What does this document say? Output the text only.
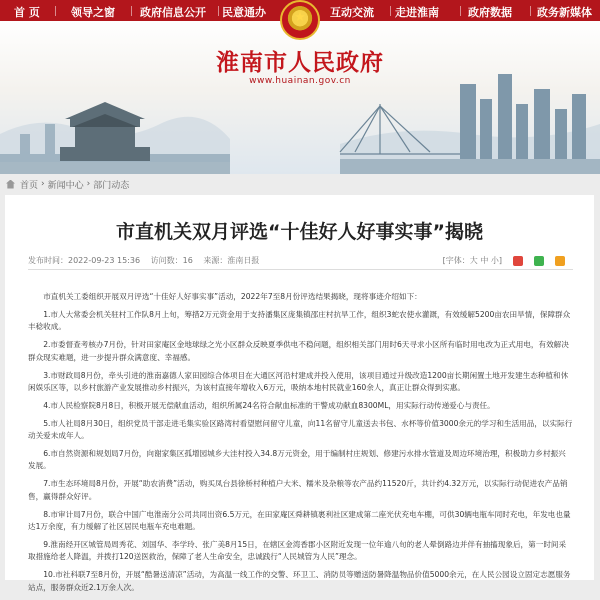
首 页	领导之窗 政府信息公开 民意通办	互动交流 走进淮南	政府数据 政务新媒体
★
淮南市人民政府
www.huainan.gov.cn
首页 › 新闻中心 › 部门动态
市直机关双月评选“十佳好人好事实事”揭晓
发布时间：2022-09-23 15:36 访问数：16 来源：淮南日报	[字体：大 中 小]

市直机关工委组织开展双月评选“十佳好人好事实事”活动，2022年7至8月份评选结果揭晓，现将事迹介绍如下：

1.市人大常委会机关驻村工作队8月上旬，筹措2万元资金用于支持潘集区庞集镇邵庄村抗旱工作，组织3蛇农使水灌溉，有效缓解5200亩农田旱情，保障群众丰稔收成。

2.市委督查考核办7月份，针对田家庵区金地球绿之光小区群众反映夏季供电不稳问题，组织相关部门用时6天寻求小区所有临时用电改为正式用电，有效解决群众现实难题，进一步提升群众满意度、幸福感。

3.市财政局8月份，牵头引进的淮南嘉德人家田园综合体项目在大通区河沿村建成并投入使用，该项目通过升级改造1200亩长期闲置土地开发建生态种植和休闲娱乐区等，以乡村旅游产业发展推动乡村振兴，为该村直接年增收入6万元，吸纳本地村民就业160余人，真正让群众得到实惠。

4.市人民检察院8月8日，积极开展无偿献血活动，组织所属24名符合献血标准的干警成功献血8300ML，用实际行动传递爱心与责任。

5.市人社局8月30日，组织党员干部走进毛集实验区路湾村看望慰问留守儿童，向11名留守儿童送去书包、水杯等价值3000余元的学习和生活用品，以实际行动关爱未成年人。

6.市自然资源和规划局7月份，向谢家集区孤增园城乡大洼村投入34.8万元资金，用于编制村庄规划、修建污水排水管道及周边环境治理，积极助力乡村振兴发展。

7.市生态环境局8月份，开展“助农消费”活动，购买凤台县徐桥村种植户大米、糯米及杂粮等农产品约11520斤，共计约4.32万元，以实际行动促进农产品销售，赢得群众好评。

8.市审计局7月份，联合中国广电淮南分公司共同出资6.5万元，在田家庵区舜耕镇裹利社区建成第二座光伏充电车棚，可供30辆电瓶车同时充电，年发电也量达1万余度，有力缓解了社区居民电瓶车充电难题。

9.淮南经开区城管局周秀花、刘国华、李学玲、张广美8月15日，在辖区金湾香郡小区附近发现一位年逾八旬的老人晕倒路边并伴有抽搐现象后，第一时间采取措施给老人降温，并拨打120送医救治，保障了老人生命安全，忠诚践行“人民城管为人民”理念。

10.市社科联7至8月份，开展“酷暑送清凉”活动，为高温一线工作的交警、环卫工、消防员等赠送防暑降温物品价值5000余元，在人民公园设立固定志愿服务站点，服务群众近2.1万余人次。
